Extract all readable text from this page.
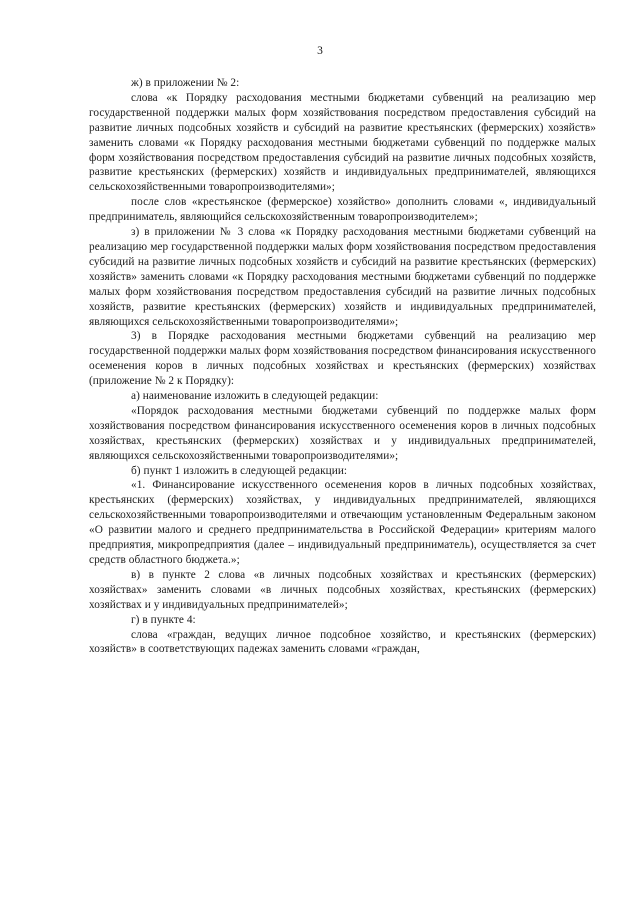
3

ж) в приложении № 2:

слова «к Порядку расходования местными бюджетами субвенций на реализацию мер государственной поддержки малых форм хозяйствования посредством предоставления субсидий на развитие личных подсобных хозяйств и субсидий на развитие крестьянских (фермерских) хозяйств» заменить словами «к Порядку расходования местными бюджетами субвенций по поддержке малых форм хозяйствования посредством предоставления субсидий на развитие личных подсобных хозяйств, развитие крестьянских (фермерских) хозяйств и индивидуальных предпринимателей, являющихся сельскохозяйственными товаропроизводителями»;

после слов «крестьянское (фермерское) хозяйство» дополнить словами «, индивидуальный предприниматель, являющийся сельскохозяйственным товаропроизводителем»;

з) в приложении № 3 слова «к Порядку расходования местными бюджетами субвенций на реализацию мер государственной поддержки малых форм хозяйствования посредством предоставления субсидий на развитие личных подсобных хозяйств и субсидий на развитие крестьянских (фермерских) хозяйств» заменить словами «к Порядку расходования местными бюджетами субвенций по поддержке малых форм хозяйствования посредством предоставления субсидий на развитие личных подсобных хозяйств, развитие крестьянских (фермерских) хозяйств и индивидуальных предпринимателей, являющихся сельскохозяйственными товаропроизводителями»;

3) в Порядке расходования местными бюджетами субвенций на реализацию мер государственной поддержки малых форм хозяйствования посредством финансирования искусственного осеменения коров в личных подсобных хозяйствах и крестьянских (фермерских) хозяйствах (приложение № 2 к Порядку):

а) наименование изложить в следующей редакции:

«Порядок расходования местными бюджетами субвенций по поддержке малых форм хозяйствования посредством финансирования искусственного осеменения коров в личных подсобных хозяйствах, крестьянских (фермерских) хозяйствах и у индивидуальных предпринимателей, являющихся сельскохозяйственными товаропроизводителями»;

б) пункт 1 изложить в следующей редакции:

«1. Финансирование искусственного осеменения коров в личных подсобных хозяйствах, крестьянских (фермерских) хозяйствах, у индивидуальных предпринимателей, являющихся сельскохозяйственными товаропроизводителями и отвечающим установленным Федеральным законом «О развитии малого и среднего предпринимательства в Российской Федерации» критериям малого предприятия, микропредприятия (далее – индивидуальный предприниматель), осуществляется за счет средств областного бюджета.»;

в) в пункте 2 слова «в личных подсобных хозяйствах и крестьянских (фермерских) хозяйствах» заменить словами «в личных подсобных хозяйствах, крестьянских (фермерских) хозяйствах и у индивидуальных предпринимателей»;

г) в пункте 4:

слова «граждан, ведущих личное подсобное хозяйство, и крестьянских (фермерских) хозяйств» в соответствующих падежах заменить словами «граждан,
